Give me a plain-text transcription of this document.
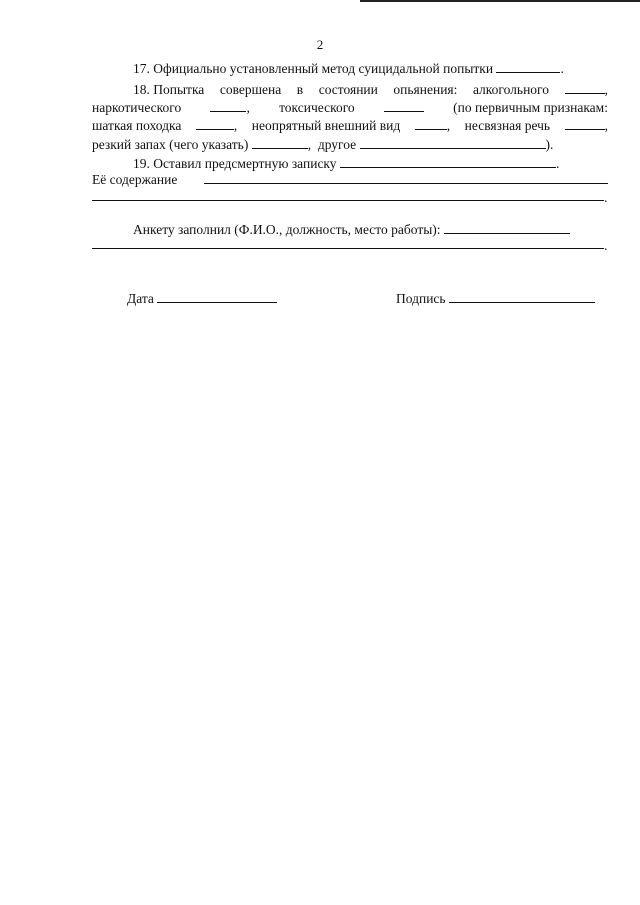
2
17. Официально установленный метод суицидальной попытки	.
18. Попытка совершена в состоянии опьянения: алкогольного	,
наркотического	, токсического	(по первичным признакам:
шаткая походка	, неопрятный внешний вид	, несвязная речь	,
резкий запах (чего указать)	, другое	).
19. Оставил предсмертную записку	.
Её содержание
.
Анкету заполнил (Ф.И.О., должность, место работы):
.
Дата	Подпись
